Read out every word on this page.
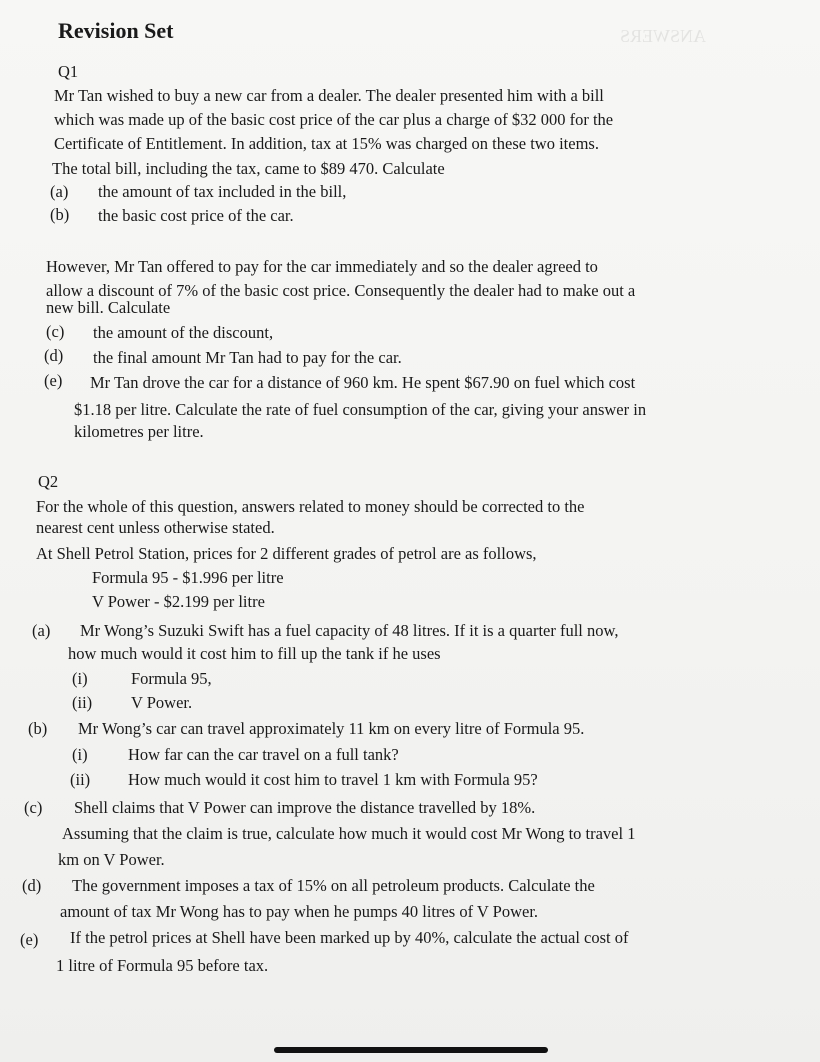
ANSWERS
Revision Set
Q1
Mr Tan wished to buy a new car from a dealer. The dealer presented him with a bill
which was made up of the basic cost price of the car plus a charge of $32 000 for the
Certificate of Entitlement. In addition, tax at 15% was charged on these two items.
The total bill, including the tax, came to $89 470. Calculate
(a) the amount of tax included in the bill,
(b) the basic cost price of the car.
However, Mr Tan offered to pay for the car immediately and so the dealer agreed to
allow a discount of 7% of the basic cost price. Consequently the dealer had to make out a
new bill. Calculate
(c) the amount of the discount,
(d) the final amount Mr Tan had to pay for the car.
(e) Mr Tan drove the car for a distance of 960 km. He spent $67.90 on fuel which cost
$1.18 per litre. Calculate the rate of fuel consumption of the car, giving your answer in
kilometres per litre.
Q2
For the whole of this question, answers related to money should be corrected to the
nearest cent unless otherwise stated.
At Shell Petrol Station, prices for 2 different grades of petrol are as follows,
Formula 95 - $1.996 per litre
V Power - $2.199 per litre
(a) Mr Wong’s Suzuki Swift has a fuel capacity of 48 litres. If it is a quarter full now,
how much would it cost him to fill up the tank if he uses
(i)	Formula 95,
(ii) V Power.
(b) Mr Wong’s car can travel approximately 11 km on every litre of Formula 95.
(i) How far can the car travel on a full tank?
(ii) How much would it cost him to travel 1 km with Formula 95?
(c) Shell claims that V Power can improve the distance travelled by 18%.
Assuming that the claim is true, calculate how much it would cost Mr Wong to travel 1
km on V Power.
(d) The government imposes a tax of 15% on all petroleum products. Calculate the
amount of tax Mr Wong has to pay when he pumps 40 litres of V Power.
(e) If the petrol prices at Shell have been marked up by 40%, calculate the actual cost of
1 litre of Formula 95 before tax.
